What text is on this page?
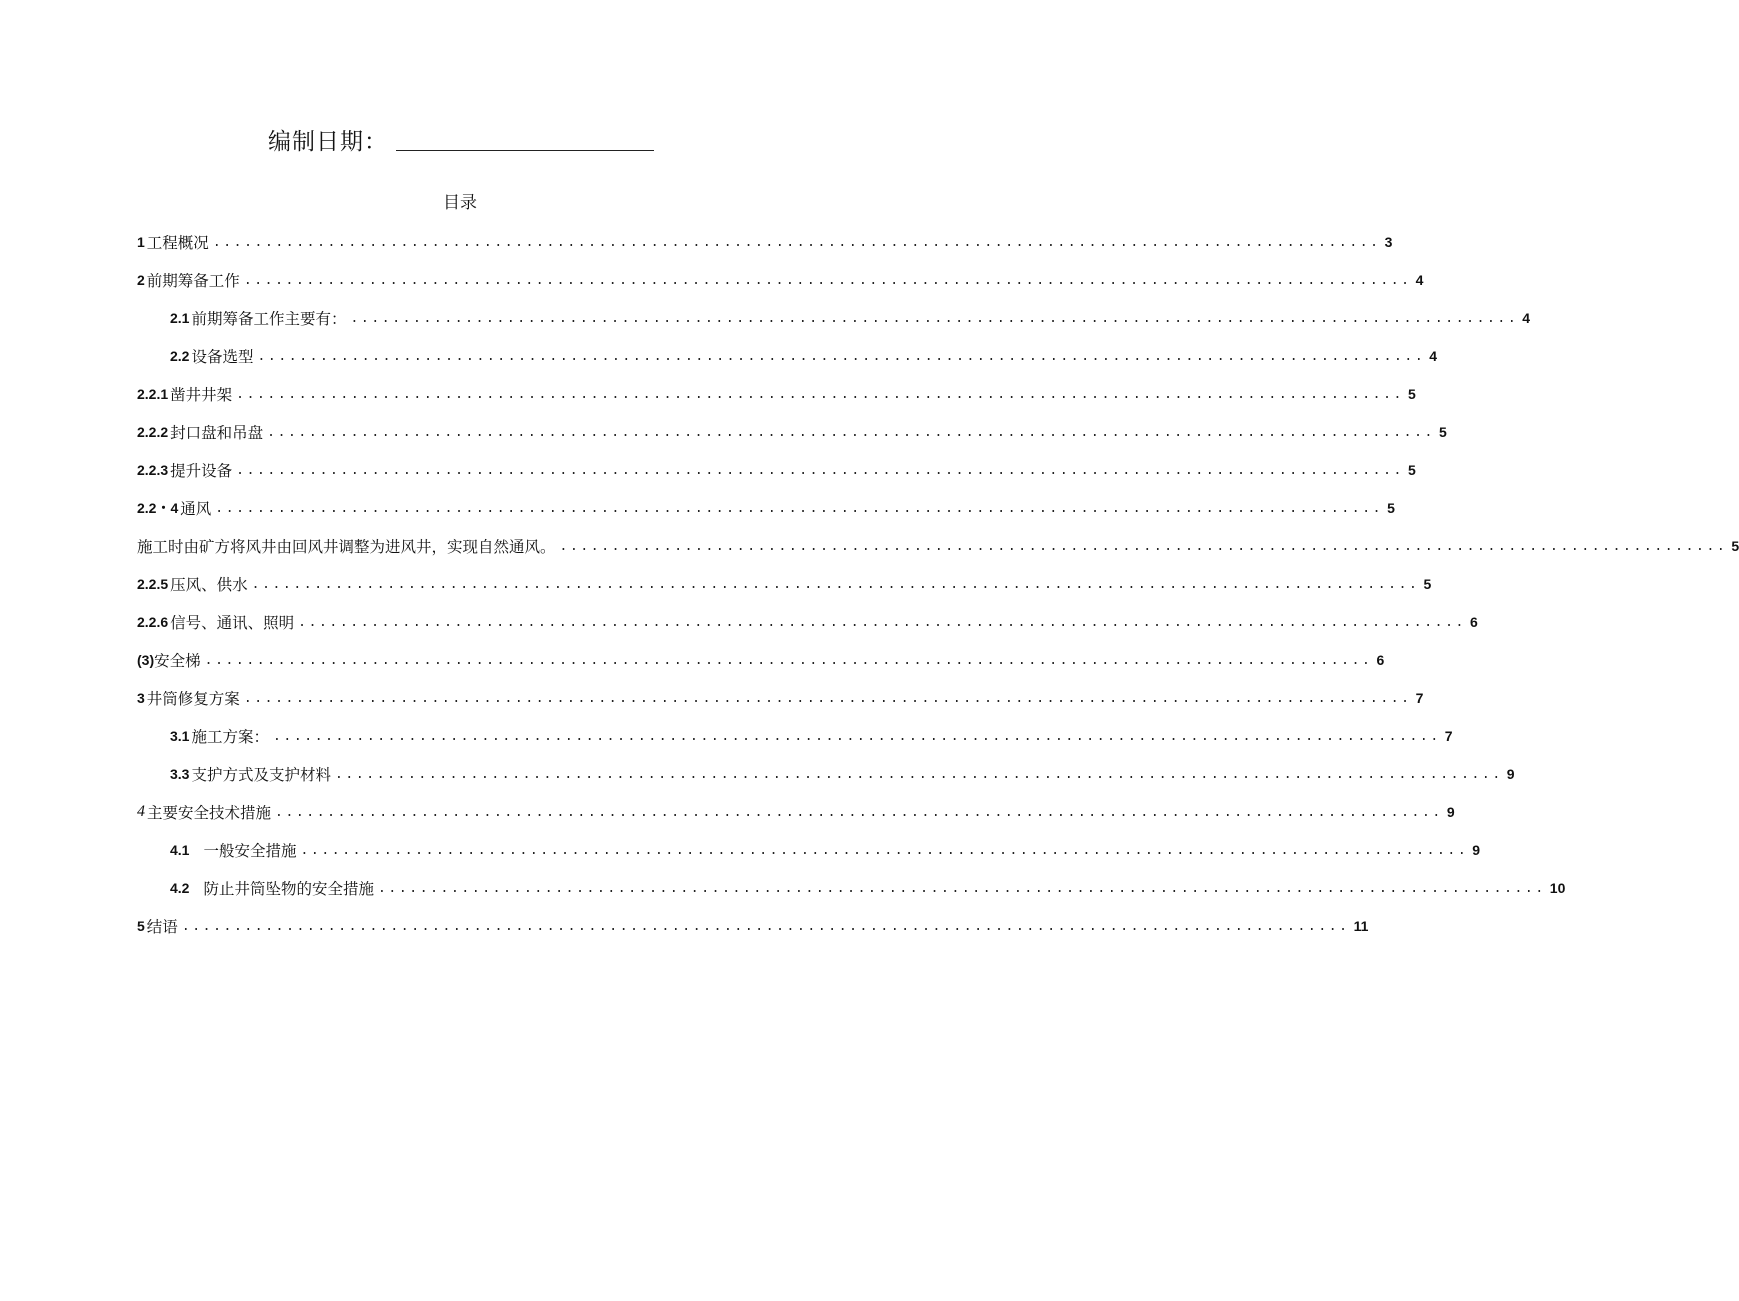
编制日期：
目录
1 工程概况 ................................................................................................................ 3
2 前期筹备工作 ................................................................................................................ 4
2.1 前期筹备工作主要有： ................................................................................................................ 4
2.2 设备选型 ................................................................................................................ 4
2.2.1 凿井井架 ................................................................................................................ 5
2.2.2 封口盘和吊盘 ................................................................................................................ 5
2.2.3 提升设备 ................................................................................................................ 5
2.2・4 通风 ................................................................................................................ 5
施工时由矿方将风井由回风井调整为进风井，实现自然通风。 ................................................................................................................ 5
2.2.5 压风、供水 ................................................................................................................ 5
2.2.6 信号、通讯、照明 ................................................................................................................ 6
(3) 安全梯 ................................................................................................................ 6
3 井筒修复方案 ................................................................................................................ 7
3.1 施工方案： ................................................................................................................ 7
3.3 支护方式及支护材料 ................................................................................................................ 9
4 主要安全技术措施 ................................................................................................................ 9
4.1 一般安全措施 ................................................................................................................ 9
4.2 防止井筒坠物的安全措施 ................................................................................................................ 10
5 结语 ................................................................................................................ 11
